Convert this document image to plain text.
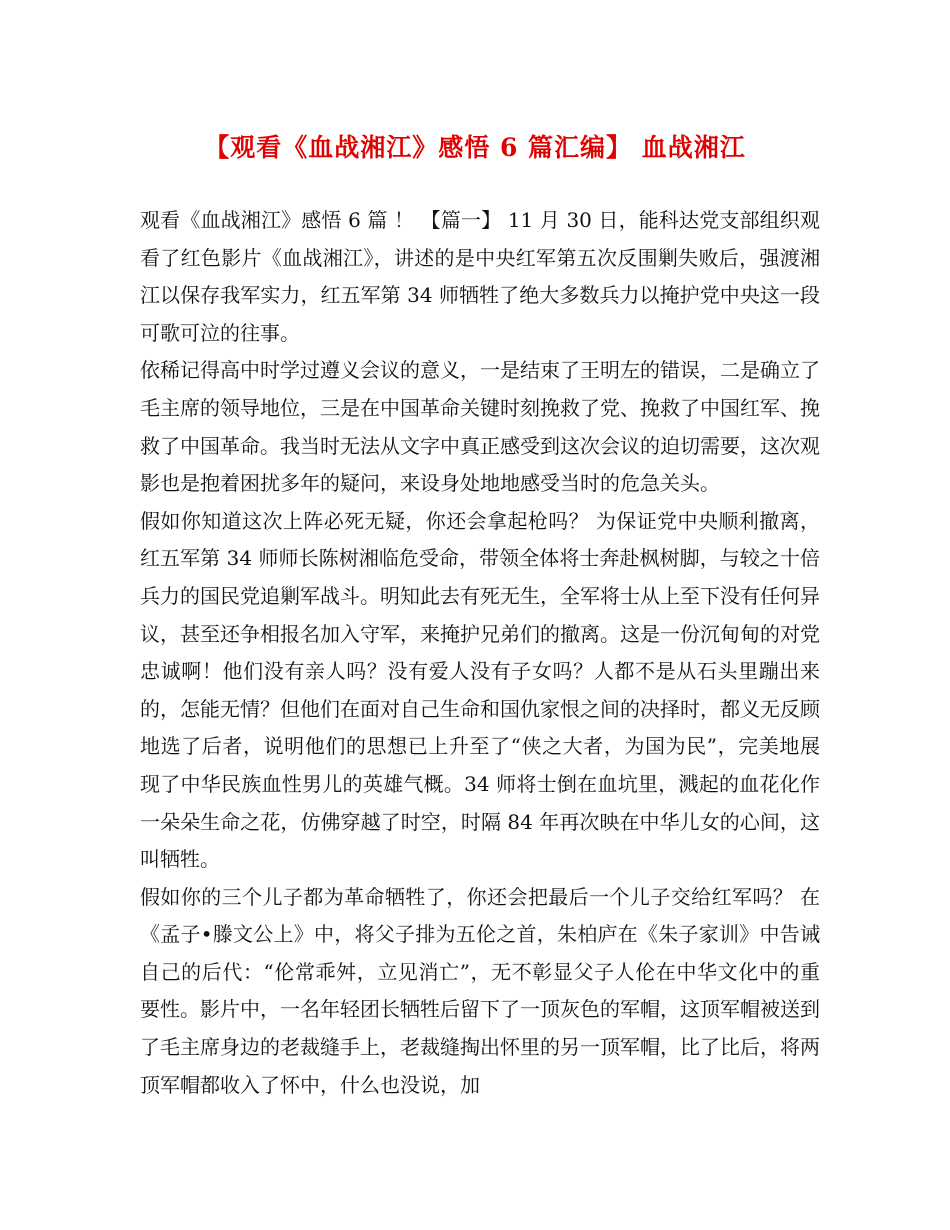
【观看《血战湘江》感悟 6 篇汇编】 血战湘江

观看《血战湘江》感悟 6 篇 ！ 【篇一】 11 月 30 日，能科达党支部组织观看了红色影片《血战湘江》，讲述的是中央红军第五次反围剿失败后，强渡湘江以保存我军实力，红五军第 34 师牺牲了绝大多数兵力以掩护党中央这一段可歌可泣的往事。

依稀记得高中时学过遵义会议的意义，一是结束了王明左的错误，二是确立了毛主席的领导地位，三是在中国革命关键时刻挽救了党、挽救了中国红军、挽救了中国革命。我当时无法从文字中真正感受到这次会议的迫切需要，这次观影也是抱着困扰多年的疑问，来设身处地地感受当时的危急关头。

假如你知道这次上阵必死无疑，你还会拿起枪吗？ 为保证党中央顺利撤离，红五军第 34 师师长陈树湘临危受命，带领全体将士奔赴枫树脚，与较之十倍兵力的国民党追剿军战斗。明知此去有死无生，全军将士从上至下没有任何异议，甚至还争相报名加入守军，来掩护兄弟们的撤离。这是一份沉甸甸的对党忠诚啊！他们没有亲人吗？没有爱人没有子女吗？人都不是从石头里蹦出来的，怎能无情？但他们在面对自己生命和国仇家恨之间的决择时，都义无反顾地选了后者，说明他们的思想已上升至了“侠之大者，为国为民”，完美地展现了中华民族血性男儿的英雄气概。34 师将士倒在血坑里，溅起的血花化作一朵朵生命之花，仿佛穿越了时空，时隔 84 年再次映在中华儿女的心间，这叫牺牲。

假如你的三个儿子都为革命牺牲了，你还会把最后一个儿子交给红军吗？ 在《孟子•滕文公上》中，将父子排为五伦之首，朱柏庐在《朱子家训》中告诫自己的后代：“伦常乖舛，立见消亡”，无不彰显父子人伦在中华文化中的重要性。影片中，一名年轻团长牺牲后留下了一顶灰色的军帽，这顶军帽被送到了毛主席身边的老裁缝手上，老裁缝掏出怀里的另一顶军帽，比了比后，将两顶军帽都收入了怀中，什么也没说，加
